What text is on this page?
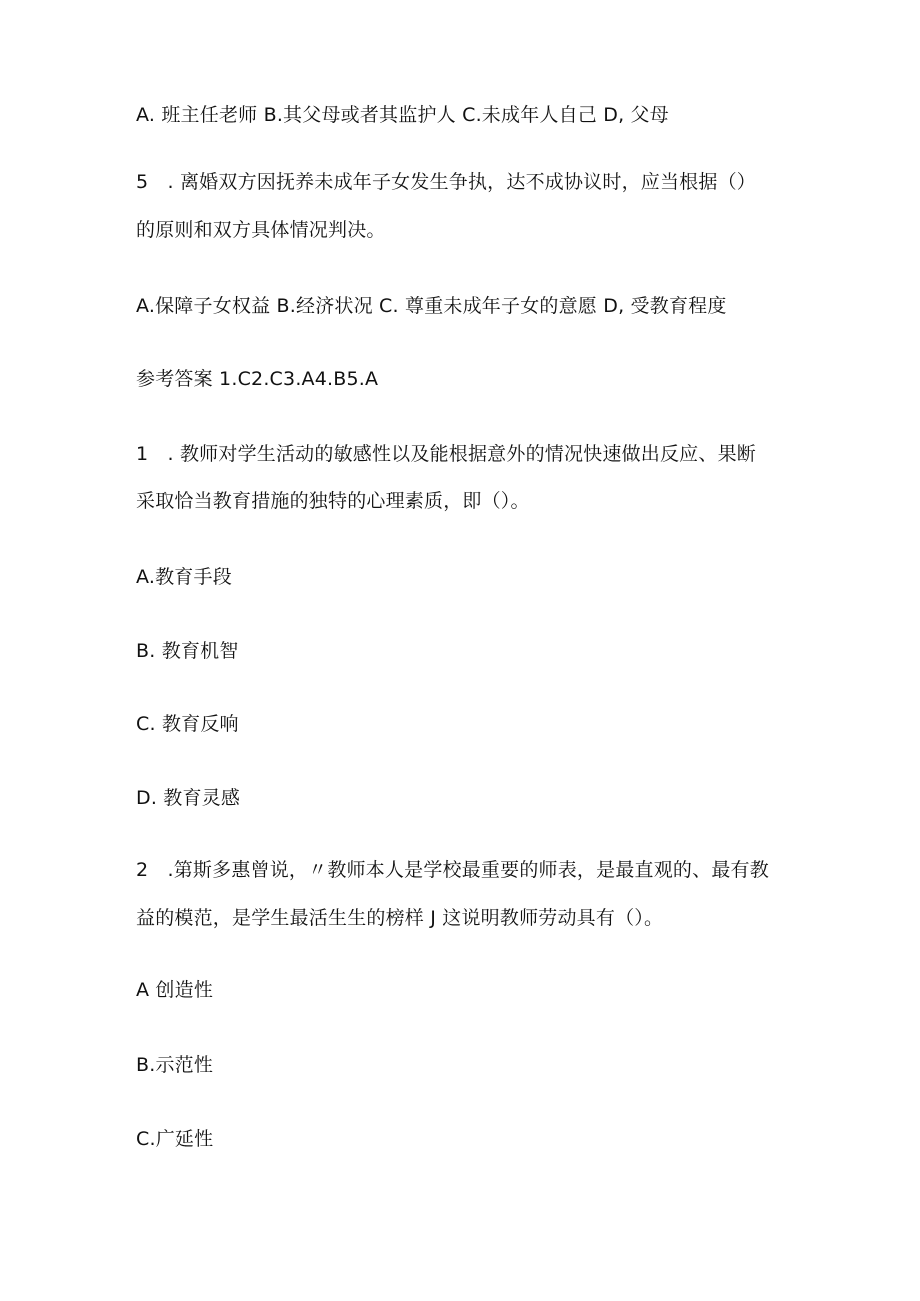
A. 班主任老师 B.其父母或者其监护人 C.未成年人自己 D, 父母
5　. 离婚双方因抚养未成年子女发生争执，达不成协议时，应当根据（）
的原则和双方具体情况判决。
A.保障子女权益 B.经济状况 C. 尊重未成年子女的意愿 D, 受教育程度
参考答案 1.C2.C3.A4.B5.A
1　. 教师对学生活动的敏感性以及能根据意外的情况快速做出反应、果断
采取恰当教育措施的独特的心理素质，即（）。
A.教育手段
B. 教育机智
C. 教育反响
D. 教育灵感
2　.第斯多惠曾说，〃教师本人是学校最重要的师表，是最直观的、最有教
益的模范，是学生最活生生的榜样 J 这说明教师劳动具有（）。
A 创造性
B.示范性
C.广延性
